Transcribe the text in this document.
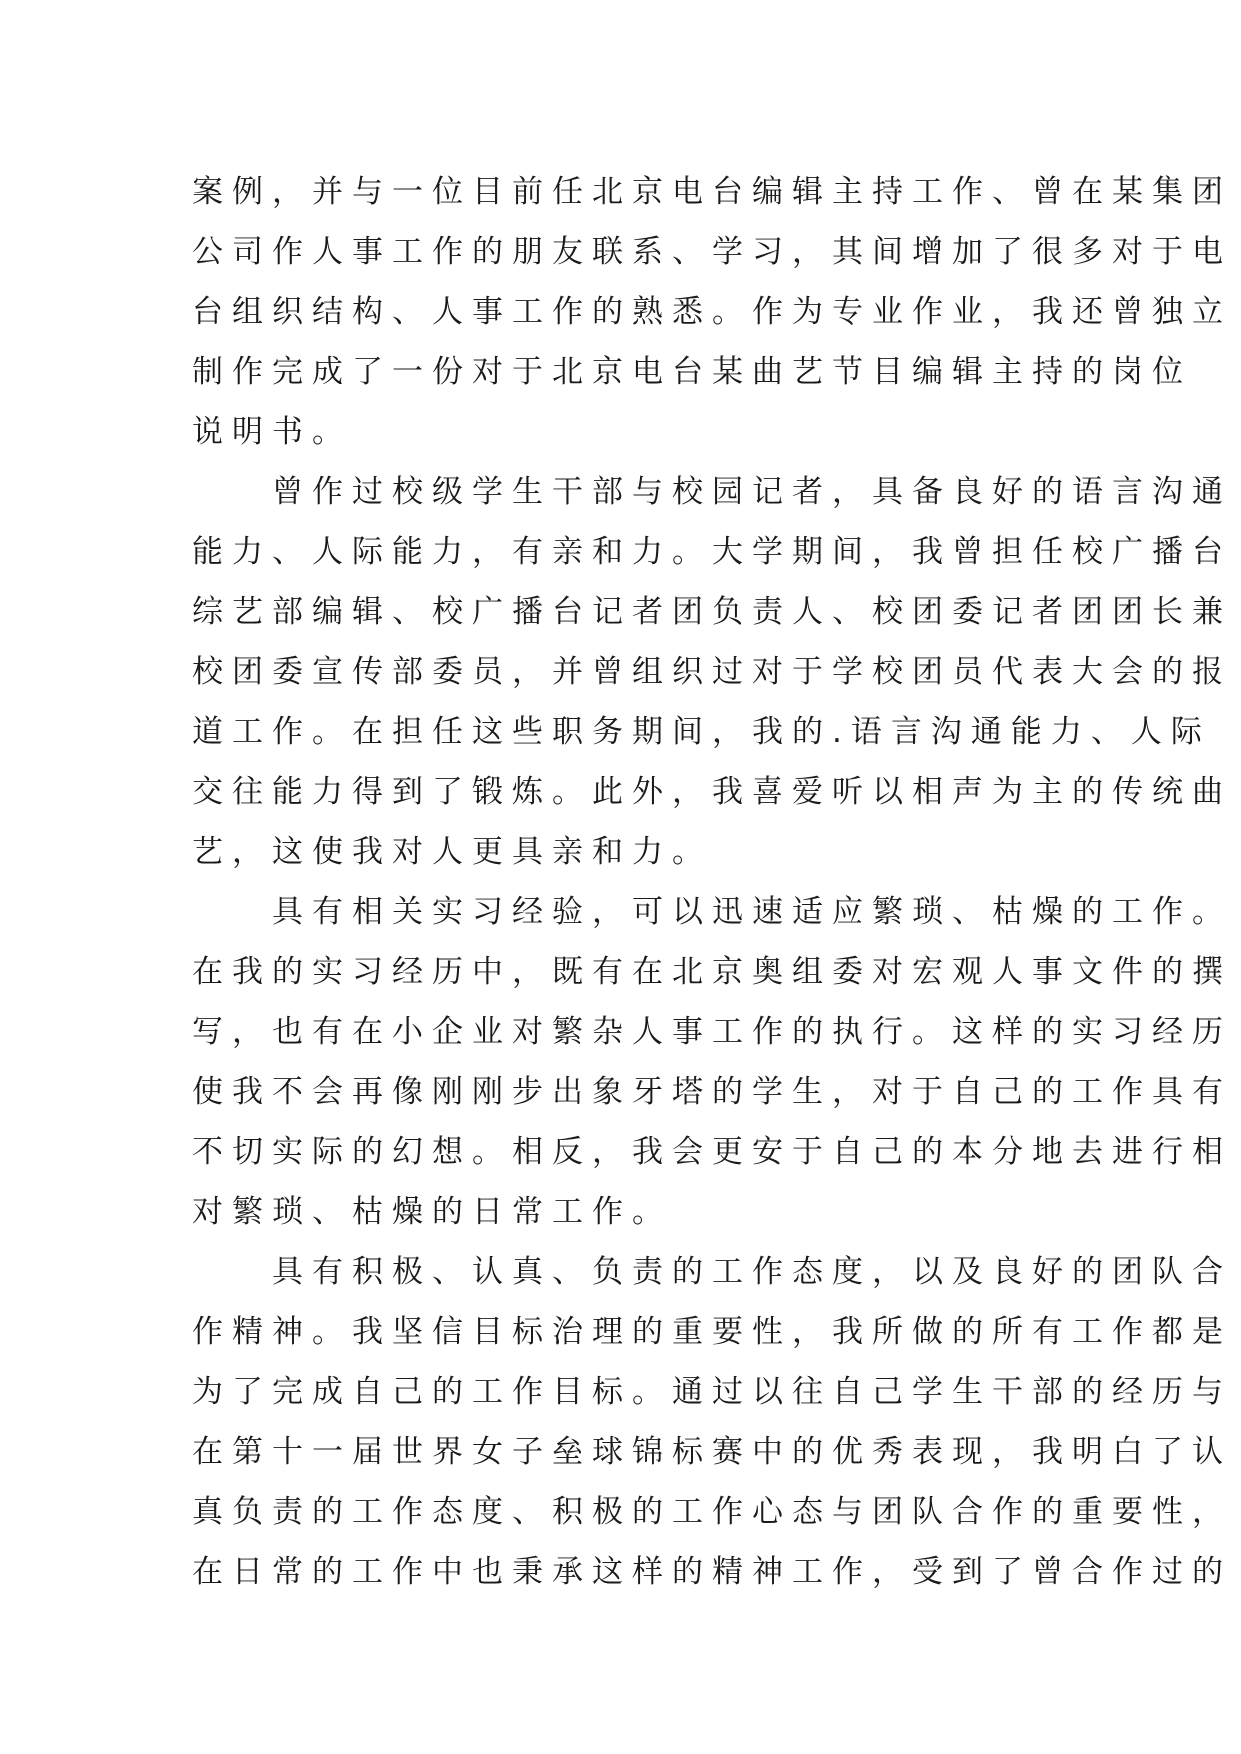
案例，并与一位目前任北京电台编辑主持工作、曾在某集团

公司作人事工作的朋友联系、学习，其间增加了很多对于电

台组织结构、人事工作的熟悉。作为专业作业，我还曾独立

制作完成了一份对于北京电台某曲艺节目编辑主持的岗位

说明书。

　　曾作过校级学生干部与校园记者，具备良好的语言沟通

能力、人际能力，有亲和力。大学期间，我曾担任校广播台

综艺部编辑、校广播台记者团负责人、校团委记者团团长兼

校团委宣传部委员，并曾组织过对于学校团员代表大会的报

道工作。在担任这些职务期间，我的.语言沟通能力、人际

交往能力得到了锻炼。此外，我喜爱听以相声为主的传统曲

艺，这使我对人更具亲和力。

　　具有相关实习经验，可以迅速适应繁琐、枯燥的工作。

在我的实习经历中，既有在北京奥组委对宏观人事文件的撰

写，也有在小企业对繁杂人事工作的执行。这样的实习经历

使我不会再像刚刚步出象牙塔的学生，对于自己的工作具有

不切实际的幻想。相反，我会更安于自己的本分地去进行相

对繁琐、枯燥的日常工作。

　　具有积极、认真、负责的工作态度，以及良好的团队合

作精神。我坚信目标治理的重要性，我所做的所有工作都是

为了完成自己的工作目标。通过以往自己学生干部的经历与

在第十一届世界女子垒球锦标赛中的优秀表现，我明白了认

真负责的工作态度、积极的工作心态与团队合作的重要性，

在日常的工作中也秉承这样的精神工作，受到了曾合作过的
